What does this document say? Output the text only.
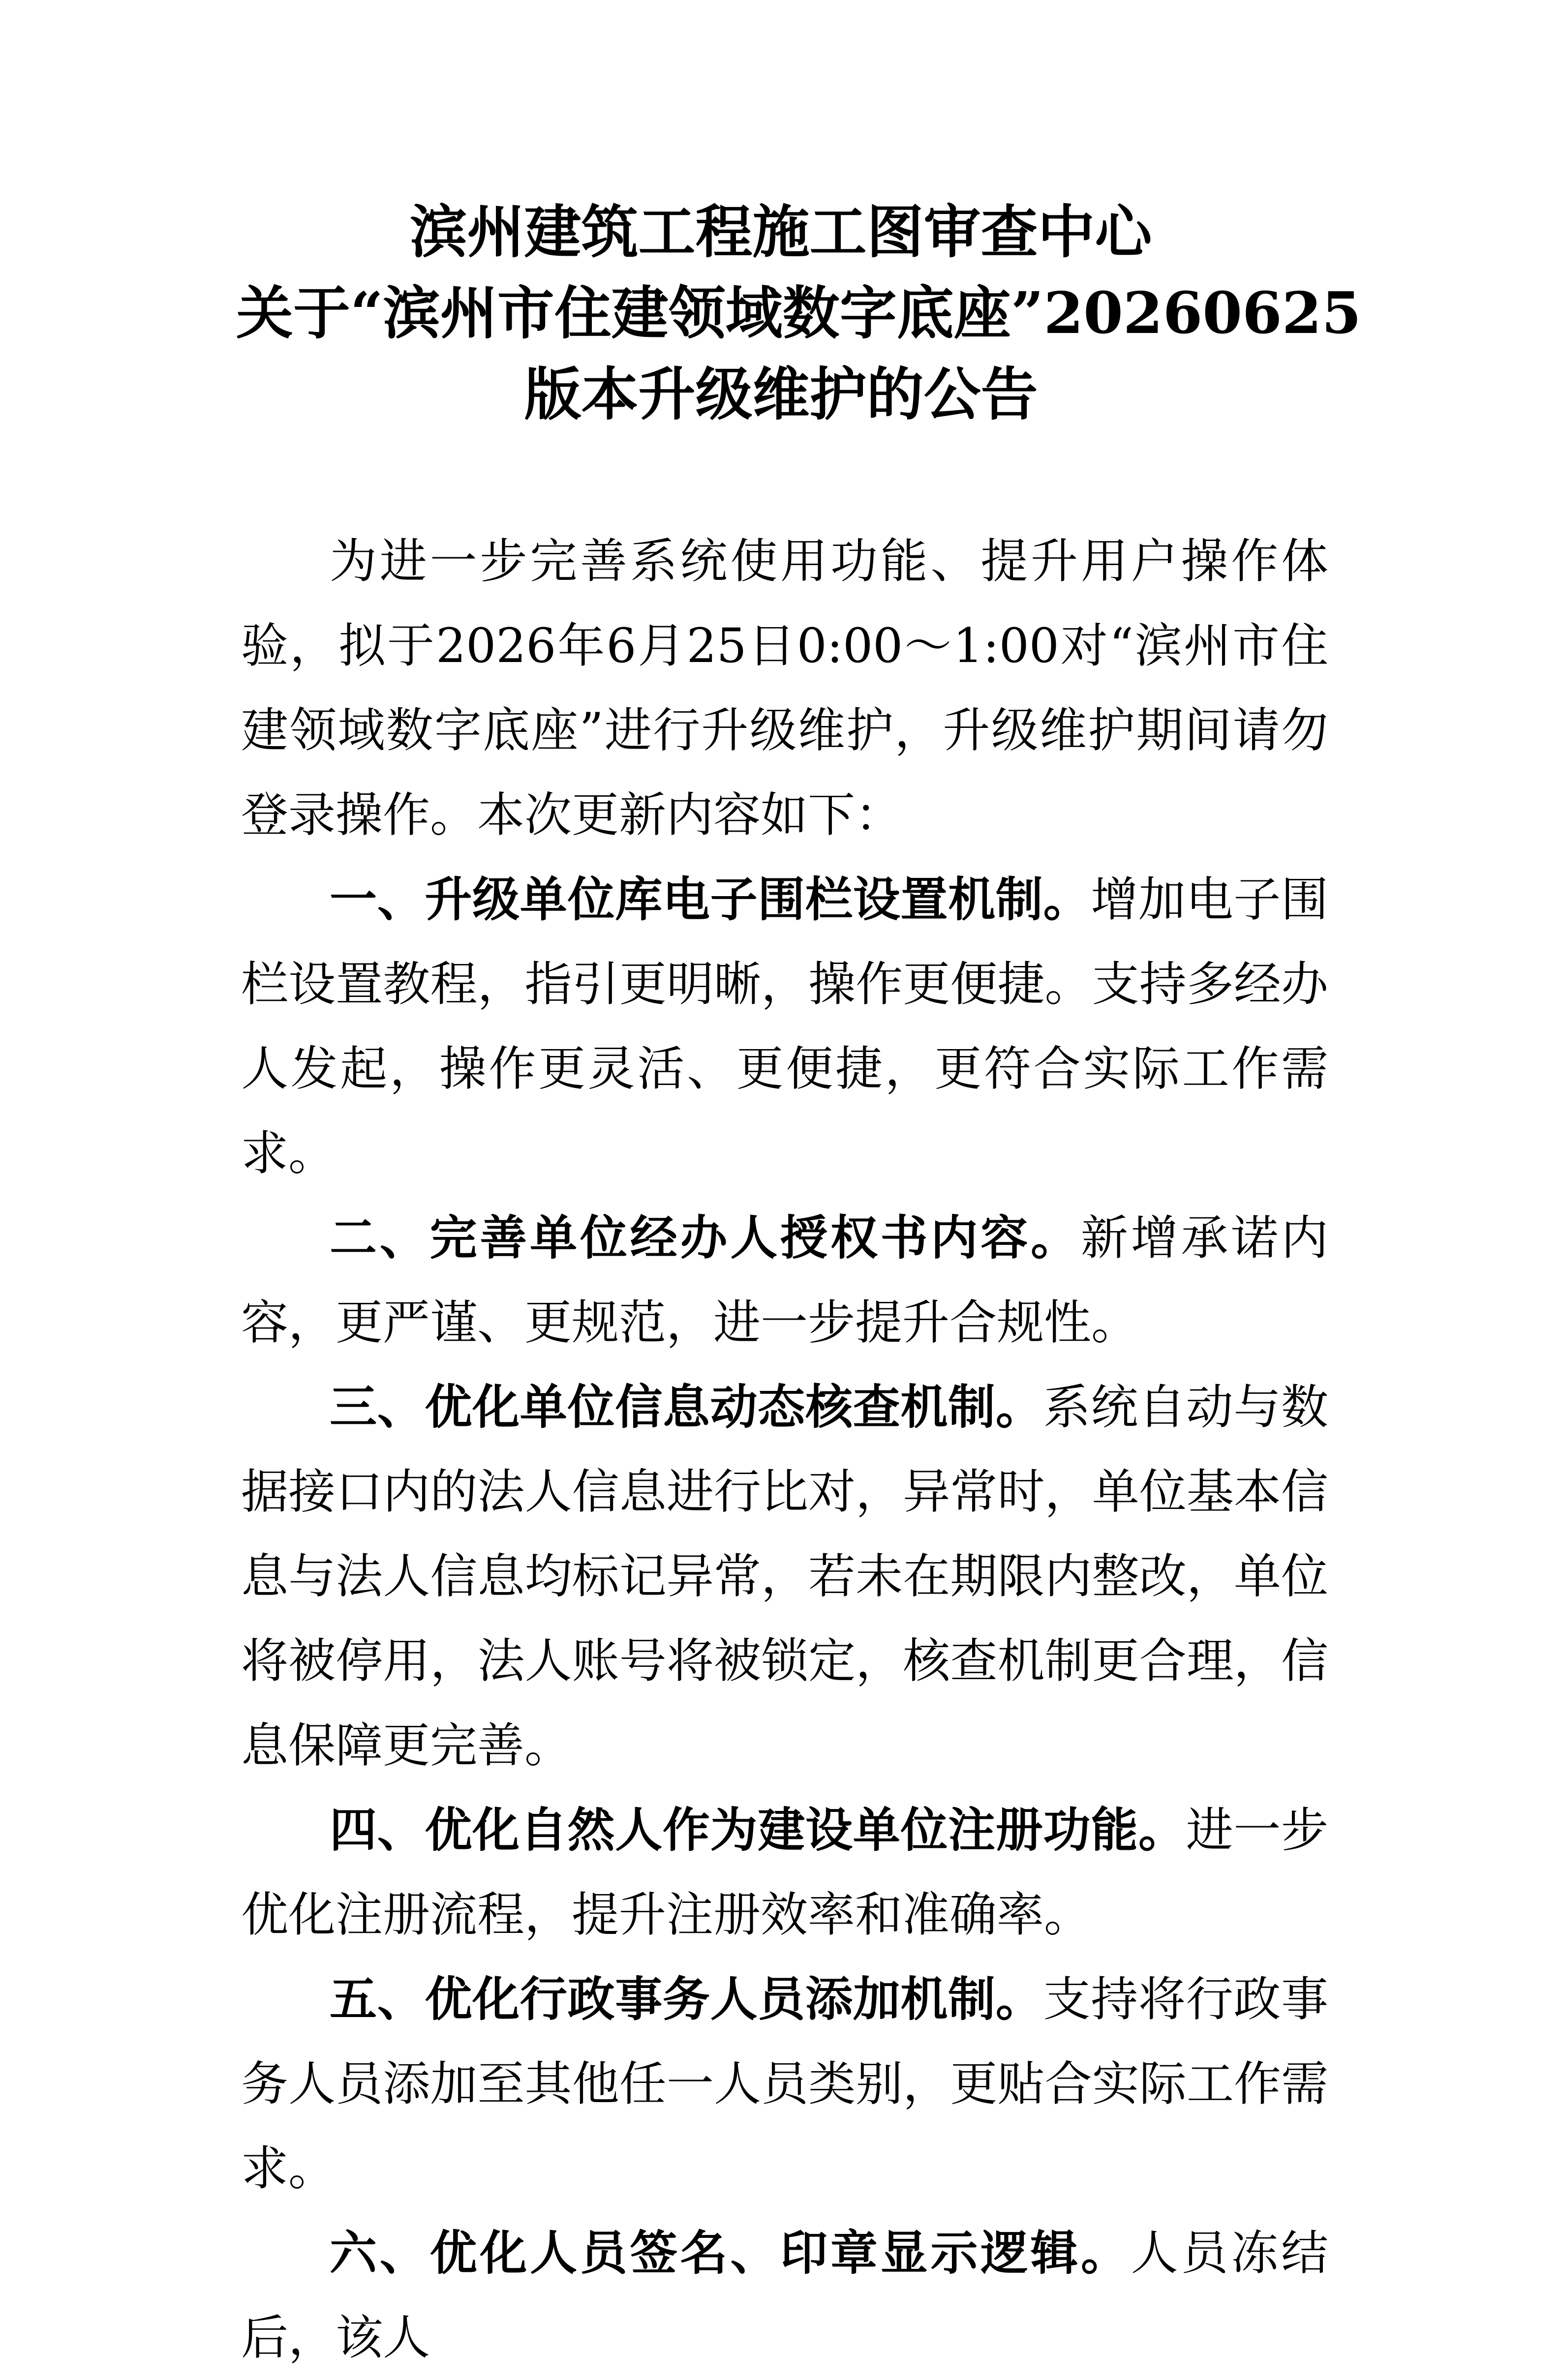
滨州建筑工程施工图审查中心
关于“滨州市住建领域数字底座”20260625
版本升级维护的公告

为进一步完善系统使用功能、提升用户操作体验，拟于2026年6月25日0:00～1:00对“滨州市住建领域数字底座”进行升级维护，升级维护期间请勿登录操作。本次更新内容如下：

一、升级单位库电子围栏设置机制。增加电子围栏设置教程，指引更明晰，操作更便捷。支持多经办人发起，操作更灵活、更便捷，更符合实际工作需求。

二、完善单位经办人授权书内容。新增承诺内容，更严谨、更规范，进一步提升合规性。

三、优化单位信息动态核查机制。系统自动与数据接口内的法人信息进行比对，异常时，单位基本信息与法人信息均标记异常，若未在期限内整改，单位将被停用，法人账号将被锁定，核查机制更合理，信息保障更完善。

四、优化自然人作为建设单位注册功能。进一步优化注册流程，提升注册效率和准确率。

五、优化行政事务人员添加机制。支持将行政事务人员添加至其他任一人员类别，更贴合实际工作需求。

六、优化人员签名、印章显示逻辑。人员冻结后，该人
